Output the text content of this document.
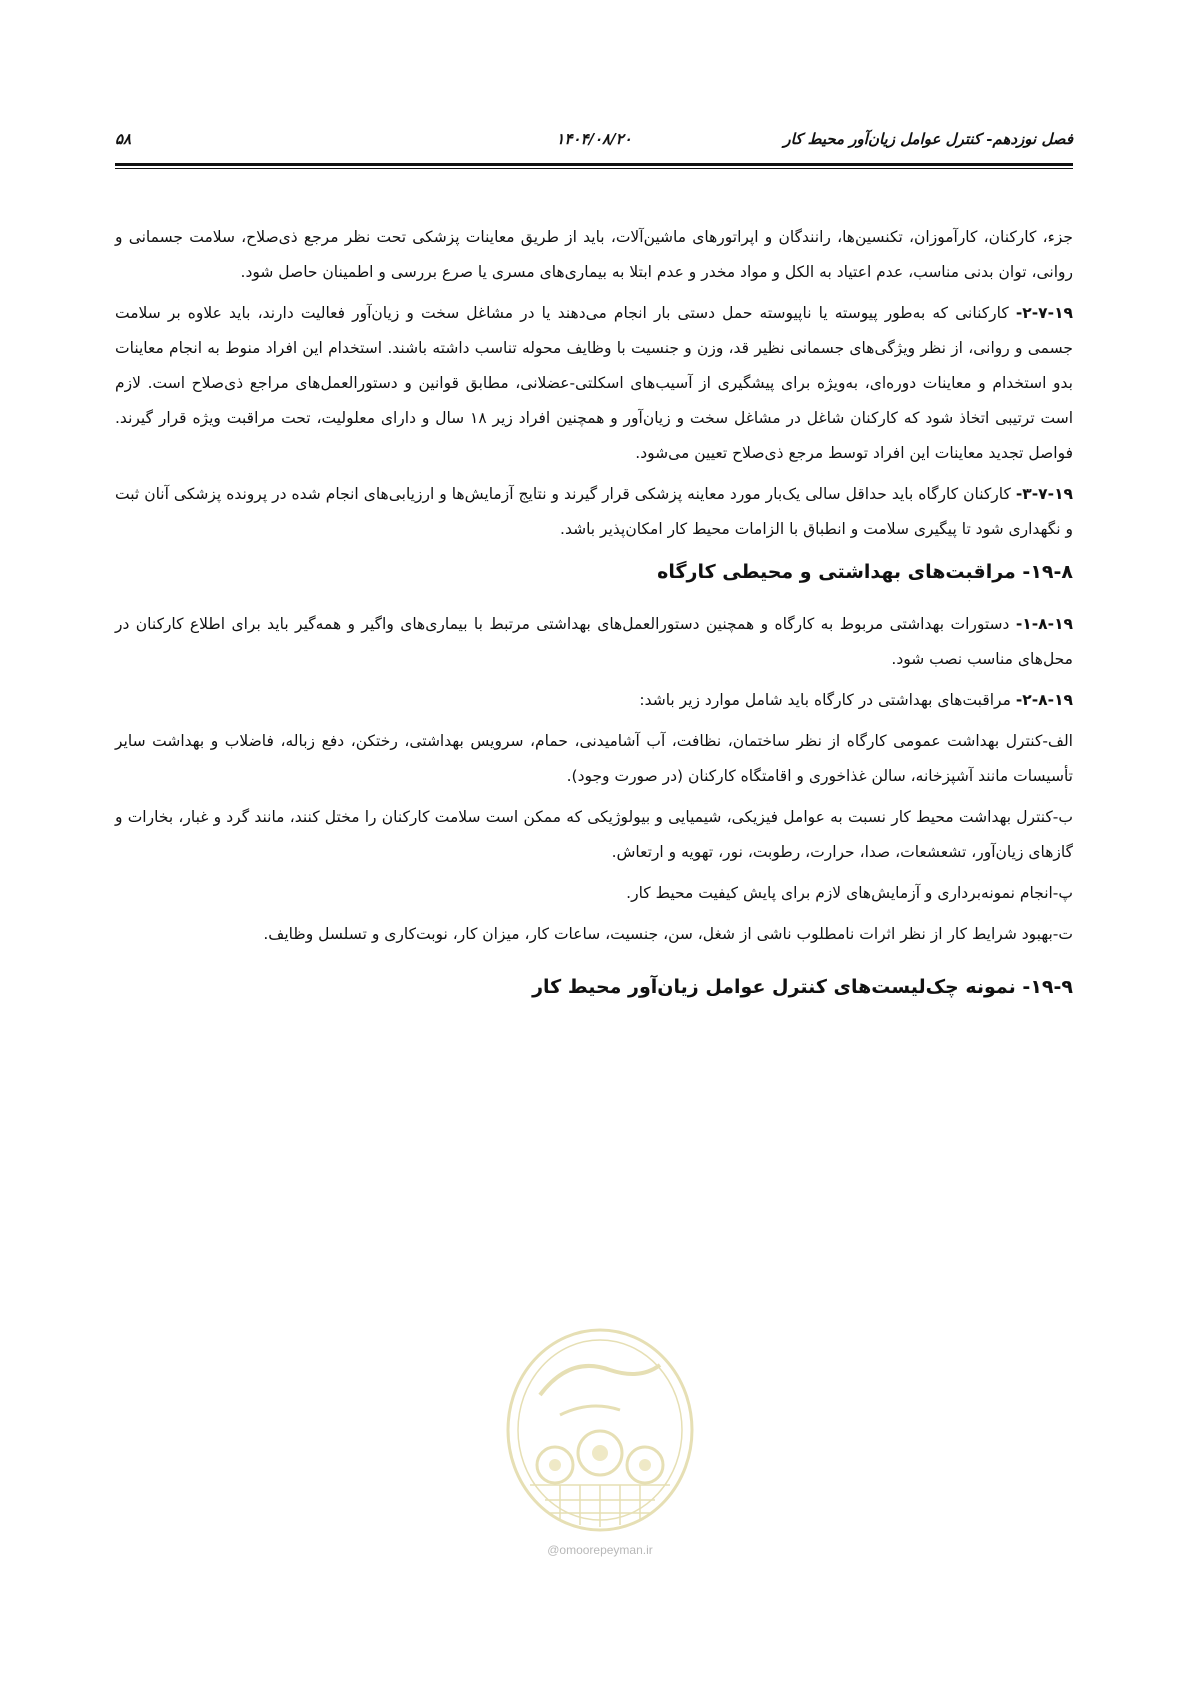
فصل نوزدهم- کنترل عوامل زیان‌آور محیط کار
۱۴۰۴/۰۸/۲۰
۵۸

جزء، کارکنان، کارآموزان، تکنسین‌ها، رانندگان و اپراتورهای ماشین‌آلات، باید از طریق معاینات پزشکی تحت نظر مرجع ذی‌صلاح، سلامت جسمانی و روانی، توان بدنی مناسب، عدم اعتیاد به الکل و مواد مخدر و عدم ابتلا به بیماری‌های مسری یا صرع بررسی و اطمینان حاصل شود.

۲-۷-۱۹- کارکنانی که به‌طور پیوسته یا ناپیوسته حمل دستی بار انجام می‌دهند یا در مشاغل سخت و زیان‌آور فعالیت دارند، باید علاوه بر سلامت جسمی و روانی، از نظر ویژگی‌های جسمانی نظیر قد، وزن و جنسیت با وظایف محوله تناسب داشته باشند. استخدام این افراد منوط به انجام معاینات بدو استخدام و معاینات دوره‌ای، به‌ویژه برای پیشگیری از آسیب‌های اسکلتی-عضلانی، مطابق قوانین و دستورالعمل‌های مراجع ذی‌صلاح است. لازم است ترتیبی اتخاذ شود که کارکنان شاغل در مشاغل سخت و زیان‌آور و همچنین افراد زیر ۱۸ سال و دارای معلولیت، تحت مراقبت ویژه قرار گیرند. فواصل تجدید معاینات این افراد توسط مرجع ذی‌صلاح تعیین می‌شود.

۳-۷-۱۹- کارکنان کارگاه باید حداقل سالی یک‌بار مورد معاینه پزشکی قرار گیرند و نتایج آزمایش‌ها و ارزیابی‌های انجام شده در پرونده پزشکی آنان ثبت و نگهداری شود تا پیگیری سلامت و انطباق با الزامات محیط کار امکان‌پذیر باشد.

۱۹-۸- مراقبت‌های بهداشتی و محیطی کارگاه

۱-۸-۱۹- دستورات بهداشتی مربوط به کارگاه و همچنین دستورالعمل‌های بهداشتی مرتبط با بیماری‌های واگیر و همه‌گیر باید برای اطلاع کارکنان در محل‌های مناسب نصب شود.

۲-۸-۱۹- مراقبت‌های بهداشتی در کارگاه باید شامل موارد زیر باشد:

الف-کنترل بهداشت عمومی کارگاه از نظر ساختمان، نظافت، آب آشامیدنی، حمام، سرویس بهداشتی، رختکن، دفع زباله، فاضلاب و بهداشت سایر تأسیسات مانند آشپزخانه، سالن غذاخوری و اقامتگاه کارکنان (در صورت وجود).

ب-کنترل بهداشت محیط کار نسبت به عوامل فیزیکی، شیمیایی و بیولوژیکی که ممکن است سلامت کارکنان را مختل کنند، مانند گرد و غبار، بخارات و گازهای زیان‌آور، تشعشعات، صدا، حرارت، رطوبت، نور، تهویه و ارتعاش.

پ-انجام نمونه‌برداری و آزمایش‌های لازم برای پایش کیفیت محیط کار.

ت-بهبود شرایط کار از نظر اثرات نامطلوب ناشی از شغل، سن، جنسیت، ساعات کار، میزان کار، نوبت‌کاری و تسلسل وظایف.

۱۹-۹- نمونه چک‌لیست‌های کنترل عوامل زیان‌آور محیط کار
@omoorepeyman.ir
